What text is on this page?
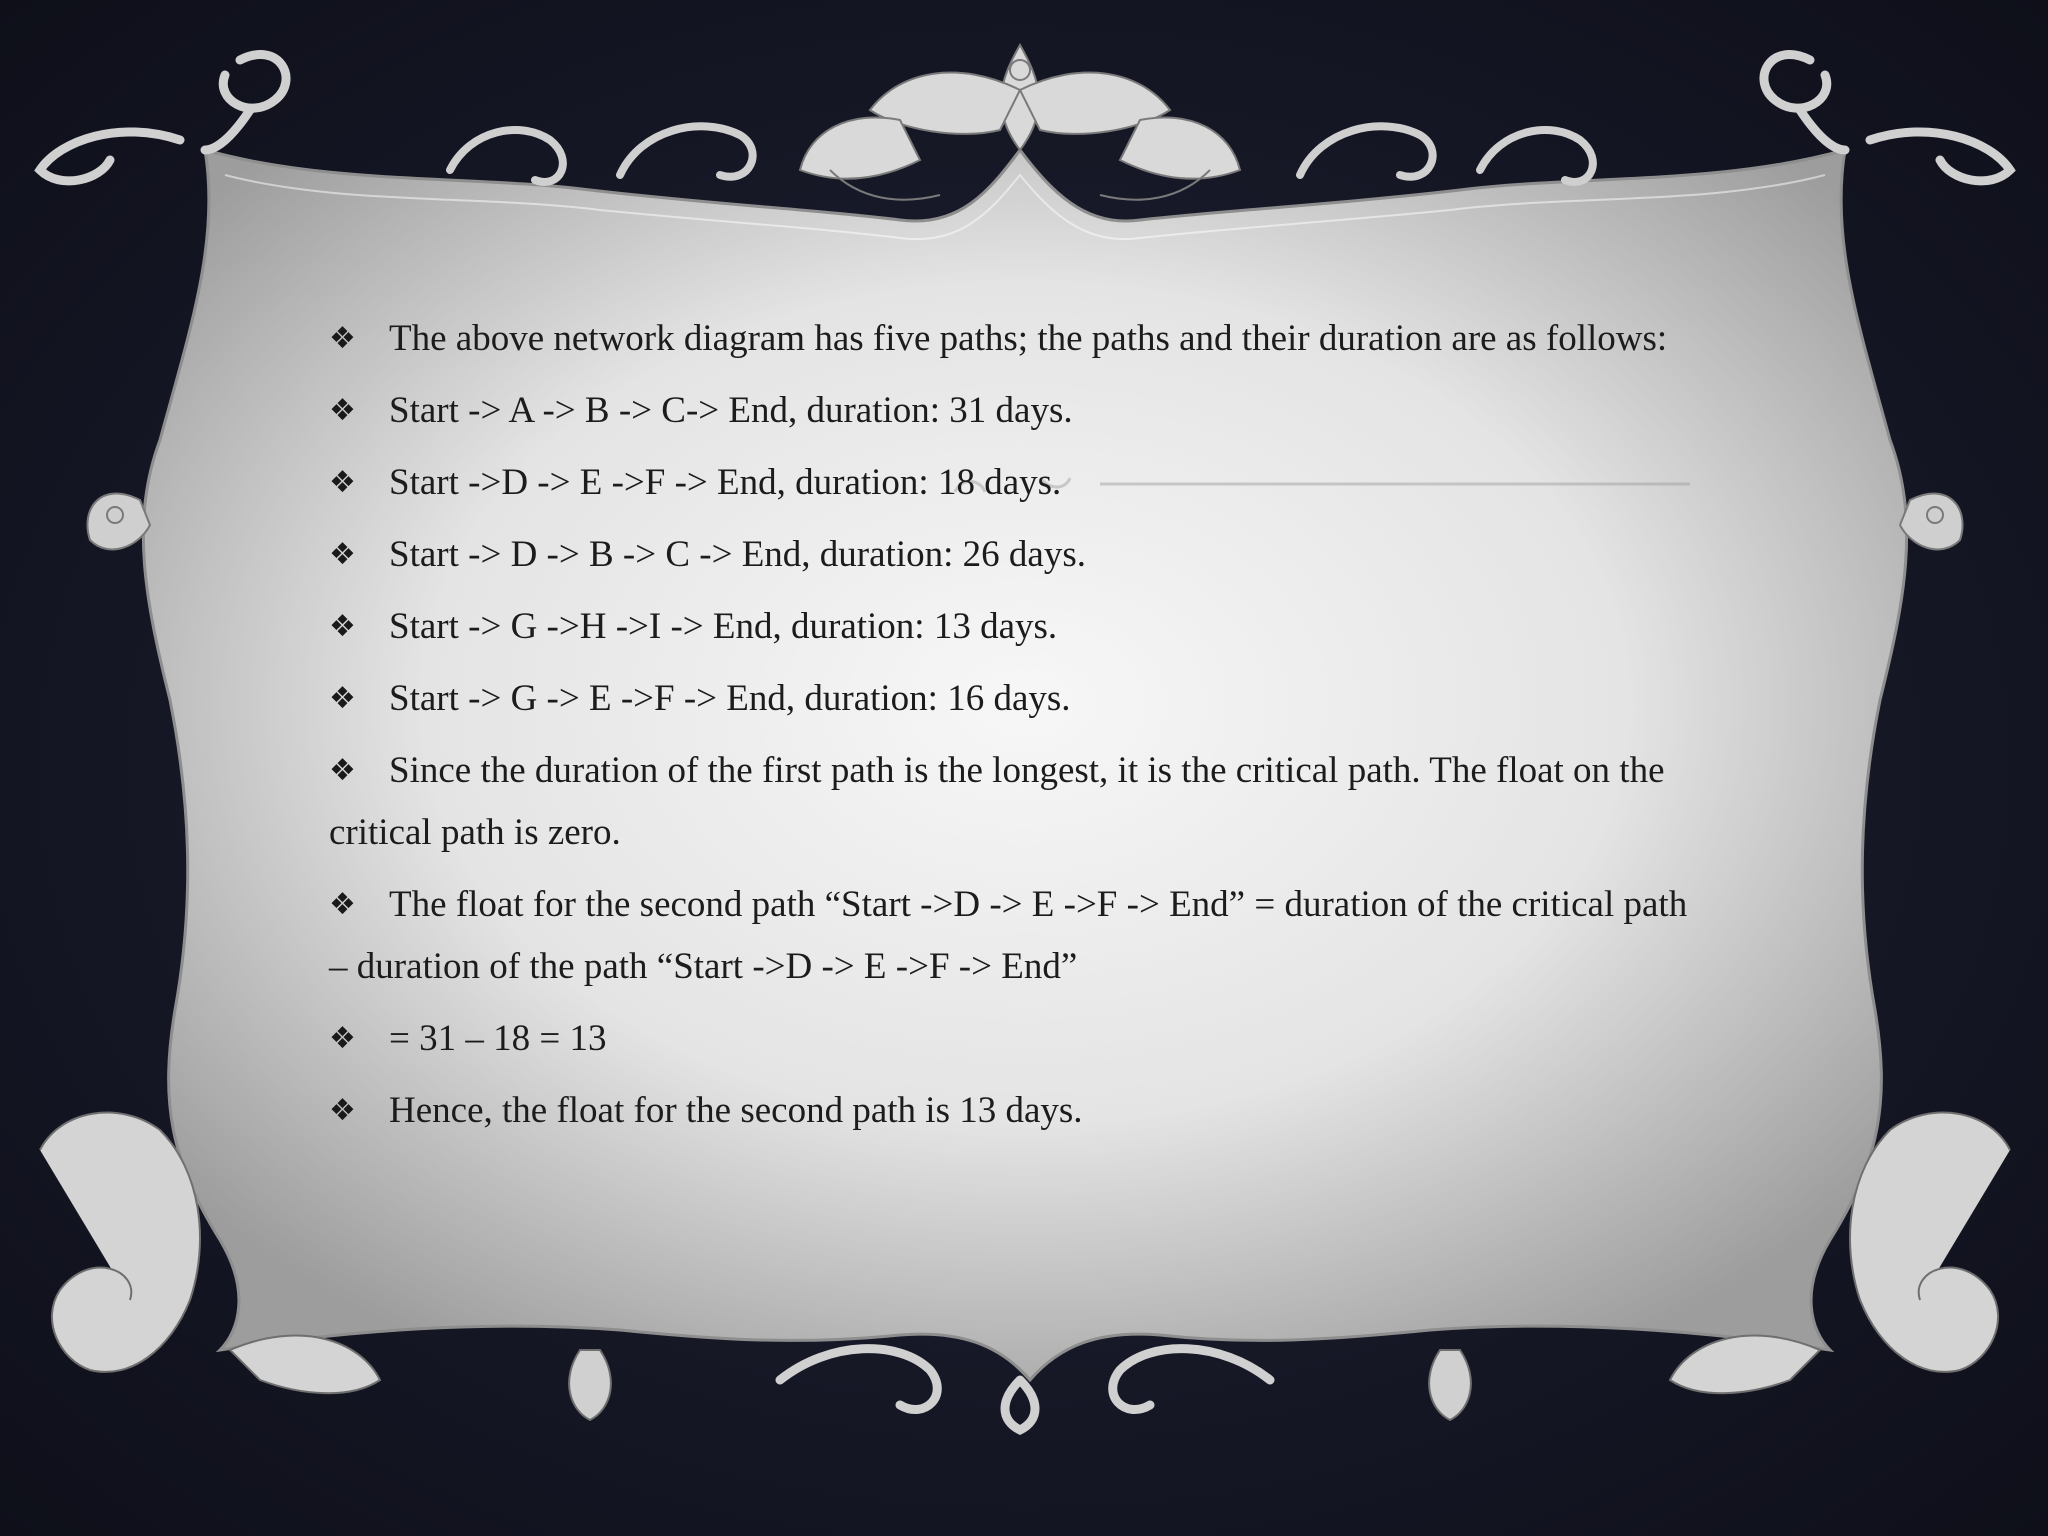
❖ The above network diagram has five paths; the paths and their duration are as follows:
❖ Start -> A -> B -> C-> End, duration: 31 days.
❖ Start ->D -> E ->F -> End, duration: 18 days.
❖ Start -> D -> B -> C -> End, duration: 26 days.
❖ Start -> G ->H ->I -> End, duration: 13 days.
❖ Start -> G -> E ->F -> End, duration: 16 days.
❖ Since the duration of the first path is the longest, it is the critical path. The float on the critical path is zero.
❖ The float for the second path “Start ->D -> E ->F -> End” = duration of the critical path – duration of the path “Start ->D -> E ->F -> End”
❖ = 31 – 18 = 13
❖ Hence, the float for the second path is 13 days.
